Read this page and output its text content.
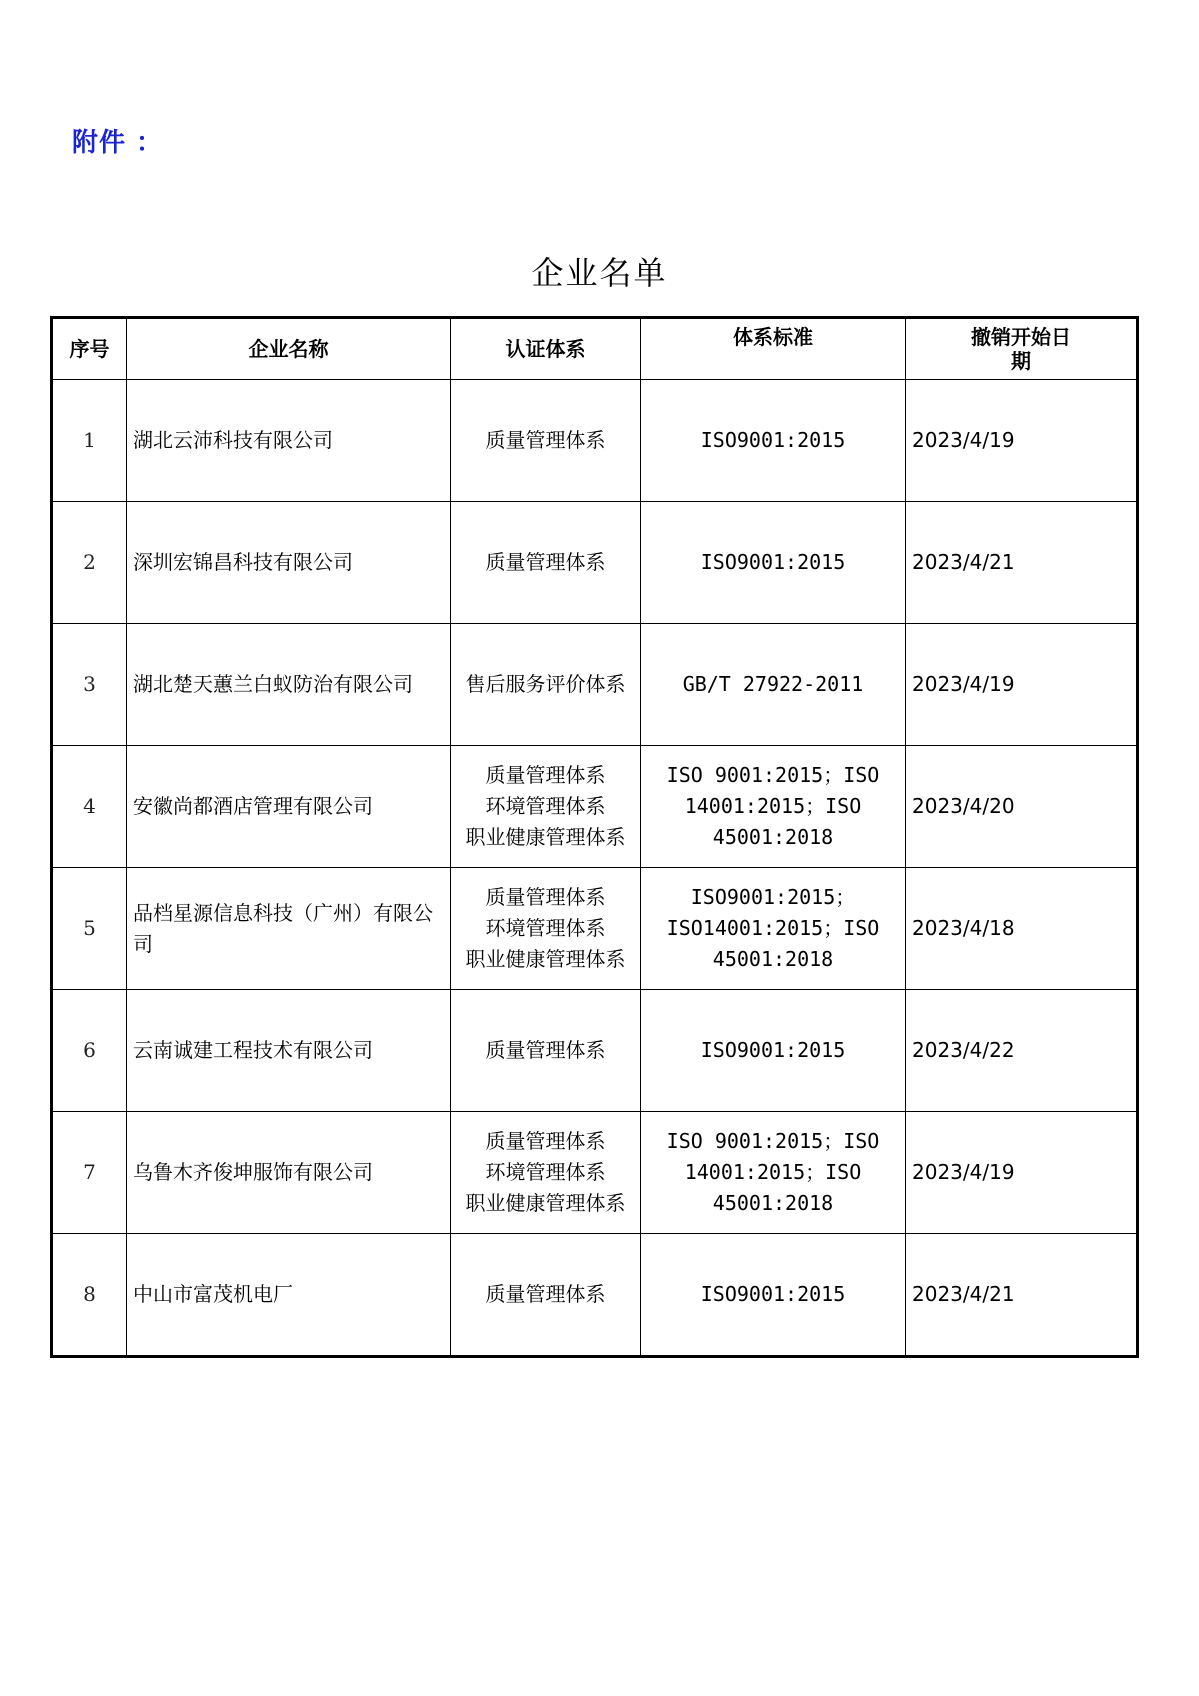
附件 ：
企业名单
序号	企业名称	认证体系	体系标准	撤销开始日期
1	湖北云沛科技有限公司	质量管理体系	ISO9001:2015	2023/4/19
2	深圳宏锦昌科技有限公司	质量管理体系	ISO9001:2015	2023/4/21
3	湖北楚天蕙兰白蚁防治有限公司	售后服务评价体系	GB/T 27922-2011	2023/4/19
4	安徽尚都酒店管理有限公司	质量管理体系
环境管理体系
职业健康管理体系	ISO 9001:2015；ISO
14001:2015；ISO
45001:2018	2023/4/20
5	品档星源信息科技（广州）有限公司	质量管理体系
环境管理体系
职业健康管理体系	ISO9001:2015；
ISO14001:2015；ISO
45001:2018	2023/4/18
6	云南诚建工程技术有限公司	质量管理体系	ISO9001:2015	2023/4/22
7	乌鲁木齐俊坤服饰有限公司	质量管理体系
环境管理体系
职业健康管理体系	ISO 9001:2015；ISO
14001:2015；ISO
45001:2018	2023/4/19
8	中山市富茂机电厂	质量管理体系	ISO9001:2015	2023/4/21
